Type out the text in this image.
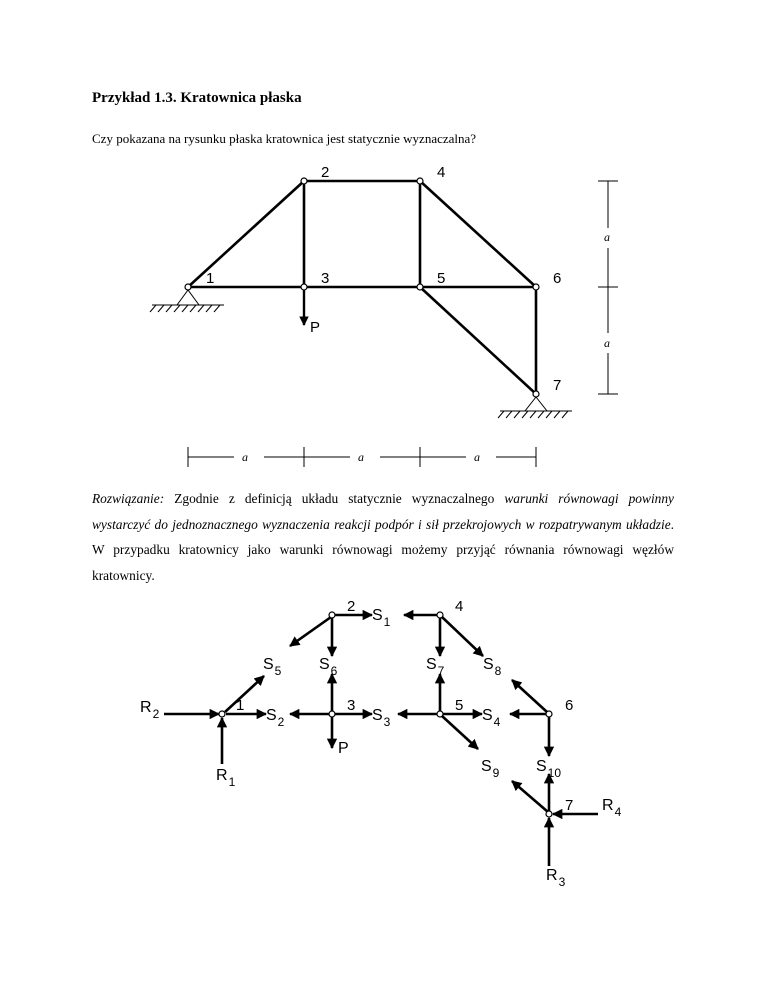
Przykład 1.3. Kratownica płaska
Czy pokazana na rysunku płaska kratownica jest statycznie wyznaczalna?
Rozwiązanie: Zgodnie z definicją układu statycznie wyznaczalnego warunki równowagi powinny wystarczyć do jednoznacznego wyznaczenia reakcji podpór i sił przekrojowych w rozpatrywanym układzie. W przypadku kratownicy jako warunki równowagi możemy przyjąć równania równowagi węzłów kratownicy.
P
1
2
3
4
5	6
7
a
a
a	a	a
2	4
1	3	5	6
7
$S_1$
$S_5$ $S_6$	$S_7$ $S_8$
$S_2$	$S_3$	$S_4$
$S_9$ $S_{10}$
P
$R_2$
$R_1$
$R_4$
$R_3$
